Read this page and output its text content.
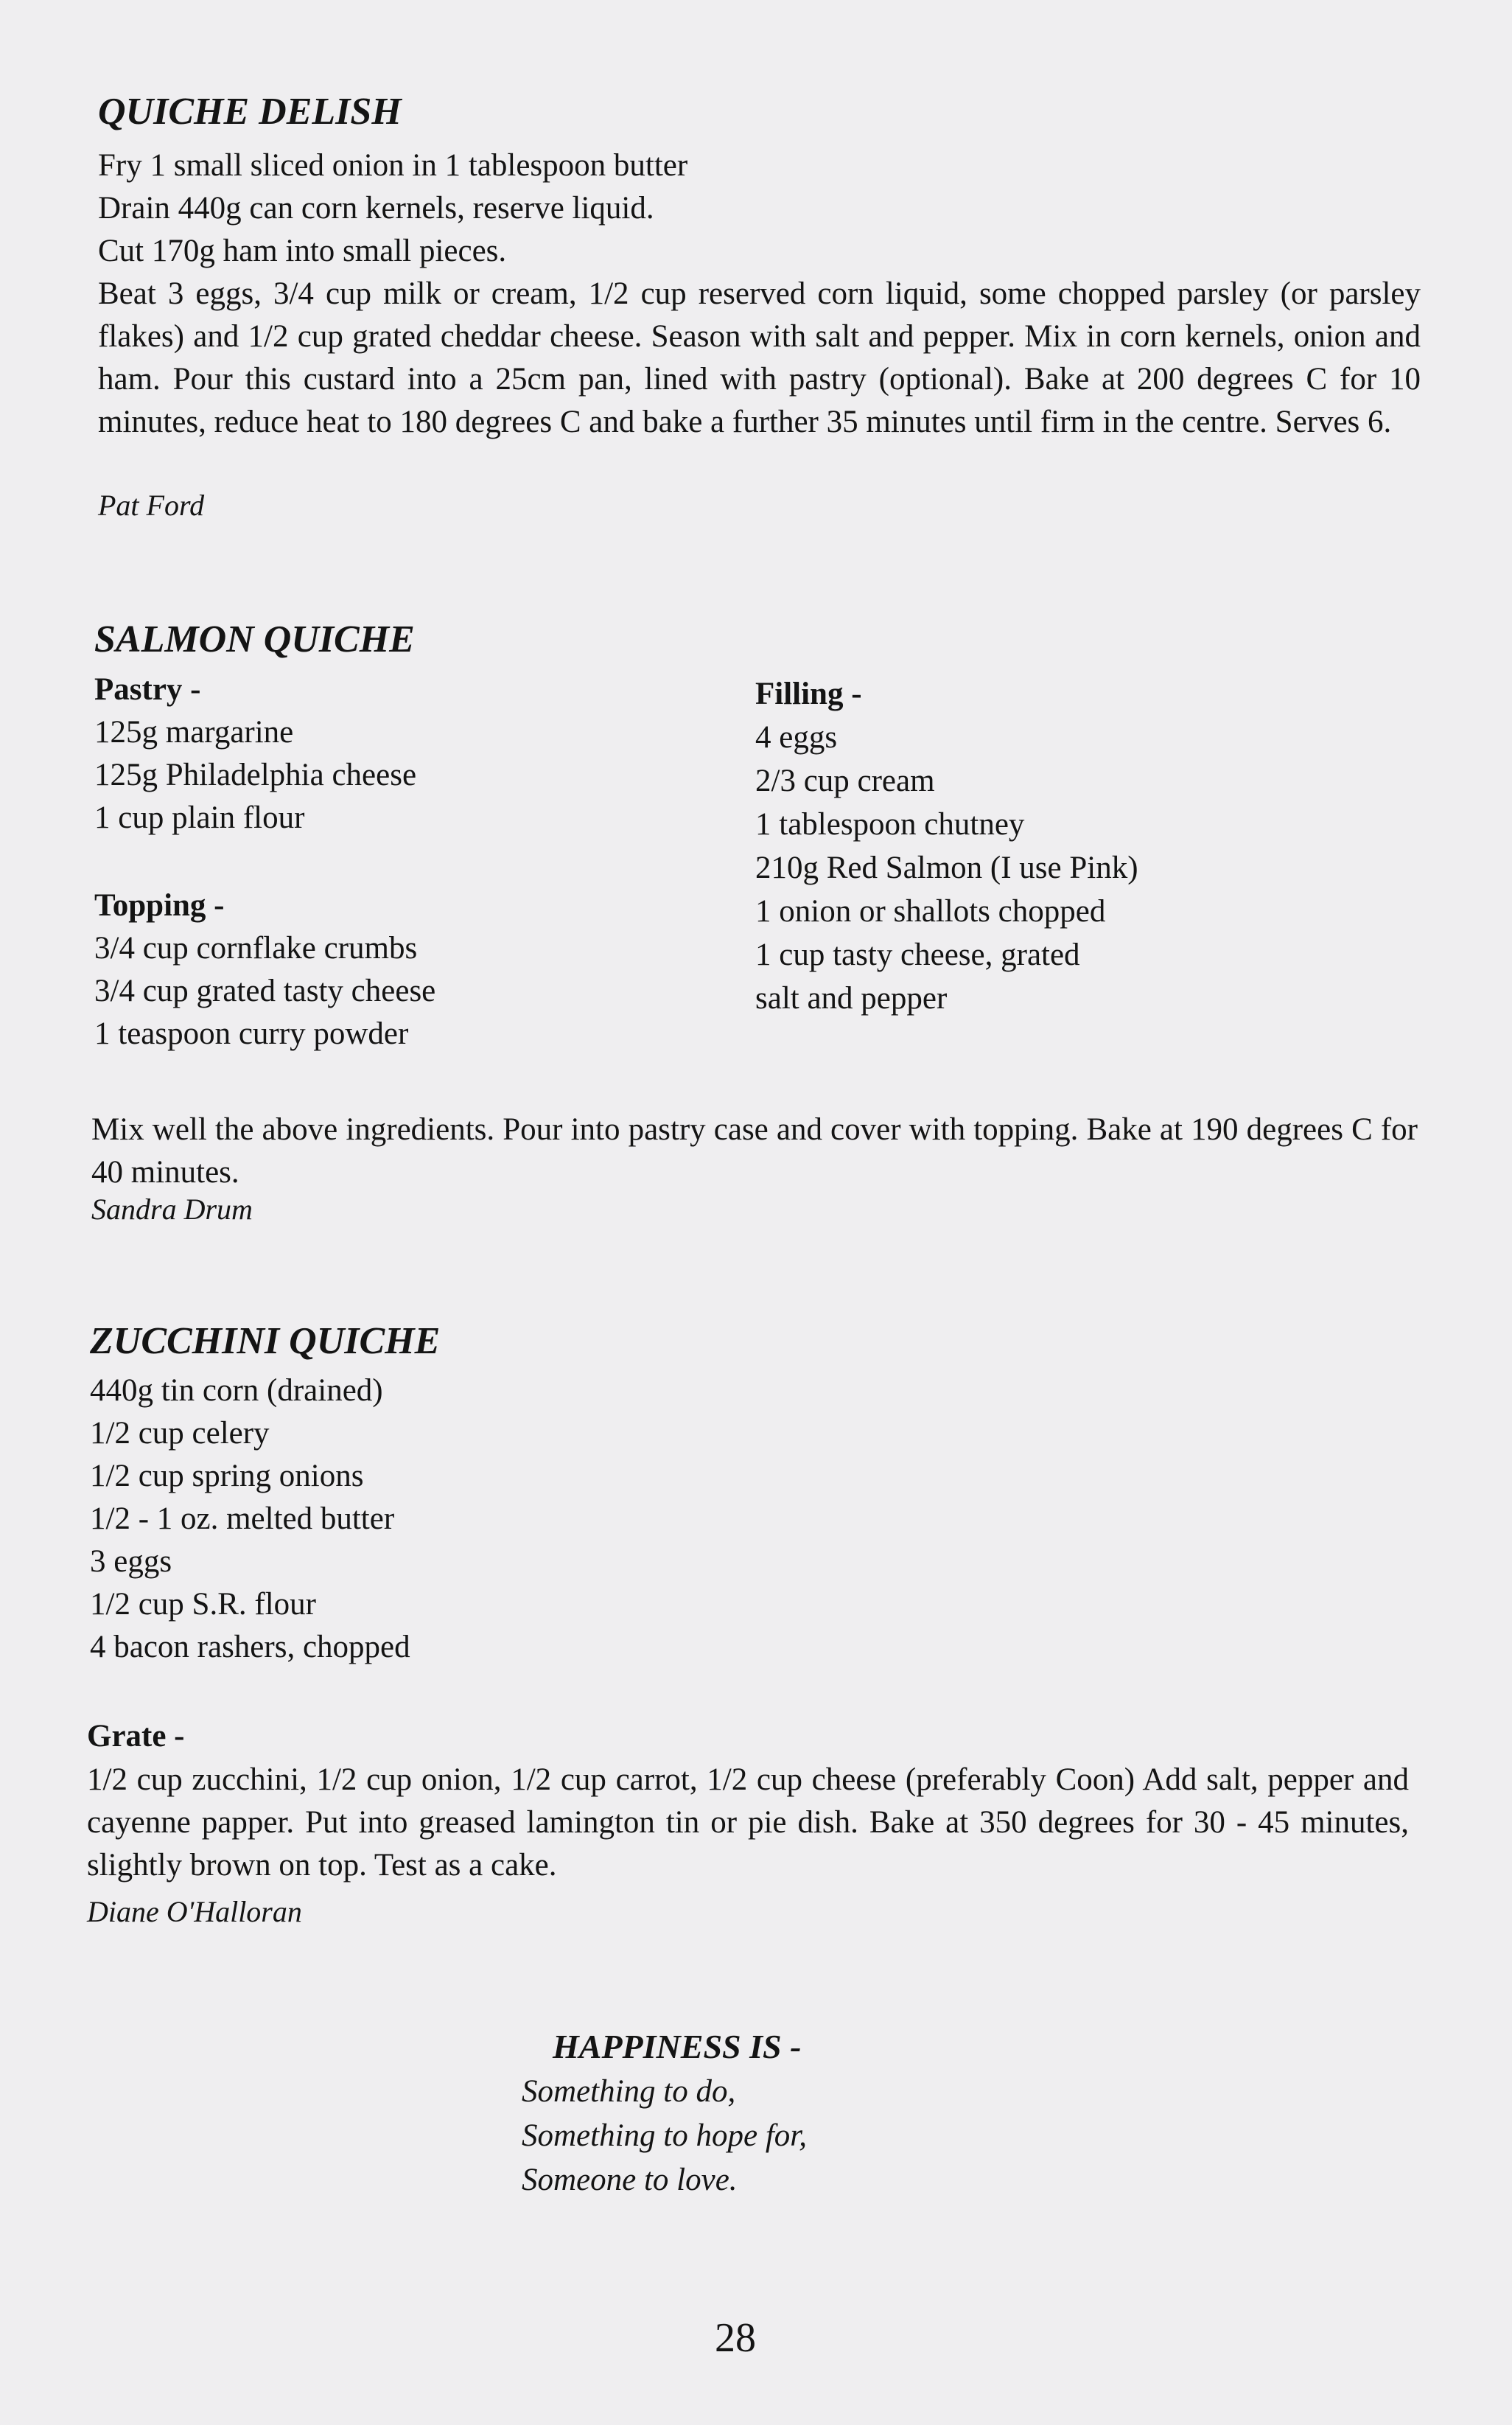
QUICHE DELISH
Fry 1 small sliced onion in 1 tablespoon butter
Drain 440g can corn kernels, reserve liquid.
Cut 170g ham into small pieces.
Beat 3 eggs, 3/4 cup milk or cream, 1/2 cup reserved corn liquid, some chopped parsley (or parsley flakes) and 1/2 cup grated cheddar cheese. Season with salt and pepper. Mix in corn kernels, onion and ham. Pour this custard into a 25cm pan, lined with pastry (optional). Bake at 200 degrees C for 10 minutes, reduce heat to 180 degrees C and bake a further 35 minutes until firm in the centre. Serves 6.
Pat Ford
SALMON QUICHE
Pastry -
125g margarine
125g Philadelphia cheese
1 cup plain flour
Topping -
3/4 cup cornflake crumbs
3/4 cup grated tasty cheese
1 teaspoon curry powder
Filling -
4 eggs
2/3 cup cream
1 tablespoon chutney
210g Red Salmon (I use Pink)
1 onion or shallots chopped
1 cup tasty cheese, grated
salt and pepper
Mix well the above ingredients. Pour into pastry case and cover with topping. Bake at 190 degrees C for 40 minutes.
Sandra Drum
ZUCCHINI QUICHE
440g tin corn (drained)
1/2 cup celery
1/2 cup spring onions
1/2 - 1 oz. melted butter
3 eggs
1/2 cup S.R. flour
4 bacon rashers, chopped
Grate -
1/2 cup zucchini, 1/2 cup onion, 1/2 cup carrot, 1/2 cup cheese (preferably Coon) Add salt, pepper and cayenne papper. Put into greased lamington tin or pie dish. Bake at 350 degrees for 30 - 45 minutes, slightly brown on top. Test as a cake.
Diane O'Halloran
HAPPINESS IS -
Something to do,
Something to hope for,
Someone to love.
28
